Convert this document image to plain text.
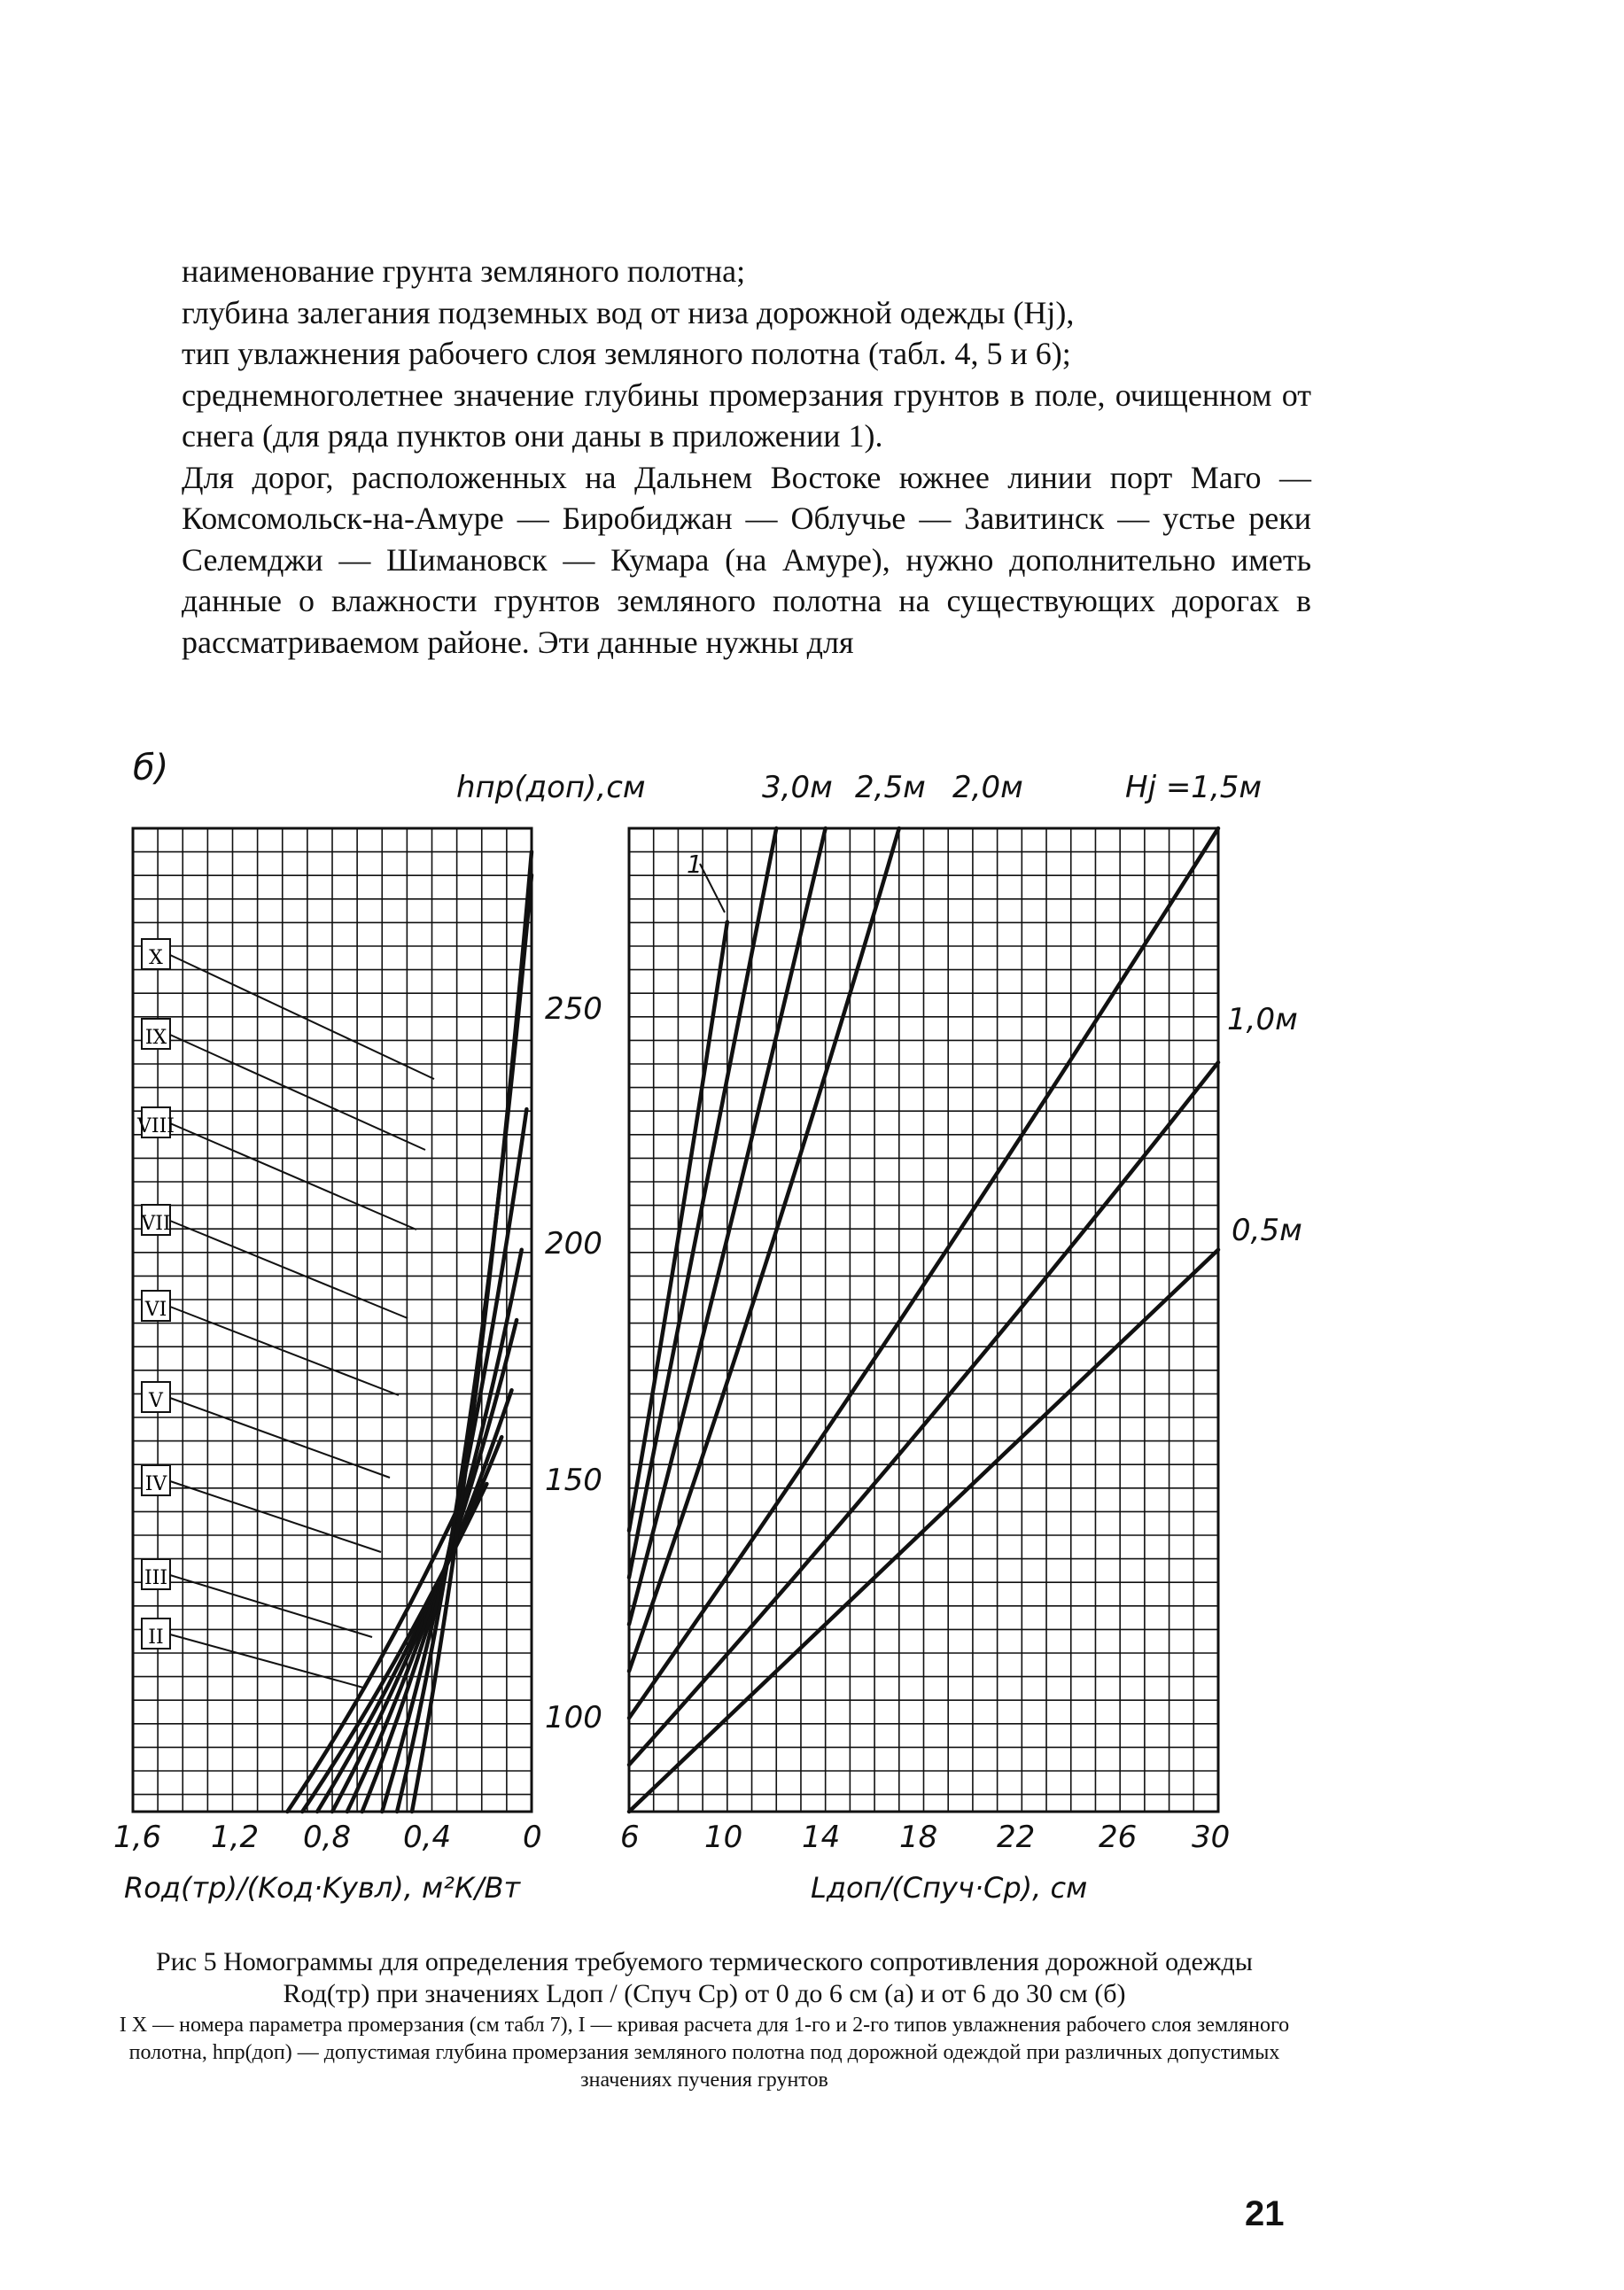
наименование грунта земляного полотна;

глубина залегания подземных вод от низа дорожной одежды (Hj),

тип увлажнения рабочего слоя земляного полотна (табл. 4, 5 и 6);

среднемноголетнее значение глубины промерзания грунтов в поле, очищенном от снега (для ряда пунктов они даны в приложении 1).

Для дорог, расположенных на Дальнем Востоке южнее линии порт Маго — Комсомольск-на-Амуре — Биробиджан — Облучье — Завитинск — устье реки Селемджи — Шимановск — Кумара (на Амуре), нужно дополнительно иметь данные о влажности грунтов земляного полотна на существующих дорогах в рассматриваемом районе. Эти данные нужны для

б)	hпр(доп),см
250
200
150
100
3,0м 2,5м 2,0м	Hj =1,5м
1,0м
0,5м
1
1,6 1,2 0,8 0,4 0	6 10 14 18 22 26 30
Rод(тр)/(Kод·Kувл), м²К/Вт	Lдоп/(Cпуч·Cр), см
X
IX
VIII
VII
VI
V
IV
III
II
Рис 5 Номограммы для определения требуемого термического сопротивления дорожной одежды Rод(тр) при значениях Lдоп / (Cпуч Cр) от 0 до 6 см (а) и от 6 до 30 см (б)
I X — номера параметра промерзания (см табл 7), I — кривая расчета для 1-го и 2-го типов увлажнения рабочего слоя земляного полотна, hпр(доп) — допустимая глубина промерзания земляного полотна под дорожной одеждой при различных допустимых значениях пучения грунтов
21
